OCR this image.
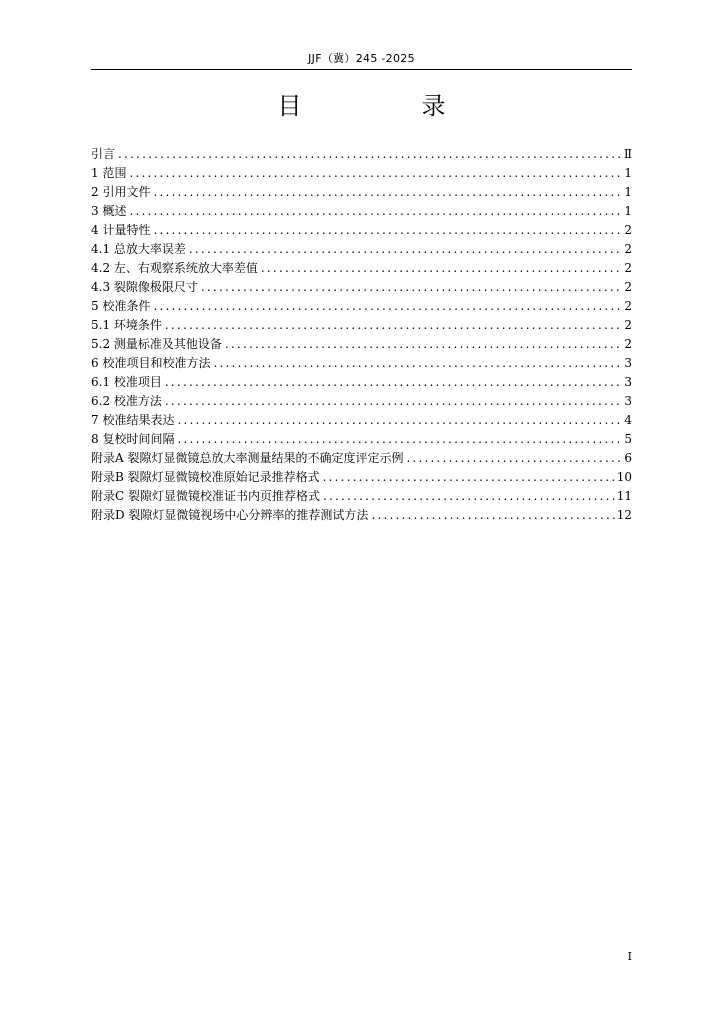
JJF（冀）245 -2025
目　录
引言 .....	Ⅱ
1 范围 .....	1
2 引用文件 .....	1
3 概述 .....	1
4 计量特性 .....	2
4.1 总放大率误差 .....	2
4.2 左、右观察系统放大率差值 .....	2
4.3 裂隙像极限尺寸 .....	2
5 校准条件 .....	2
5.1 环境条件 .....	2
5.2 测量标准及其他设备 .....	2
6 校准项目和校准方法 .....	3
6.1 校准项目 .....	3
6.2 校准方法 .....	3
7 校准结果表达 .....	4
8 复校时间间隔 .....	5
附录A 裂隙灯显微镜总放大率测量结果的不确定度评定示例 .....	6
附录B 裂隙灯显微镜校准原始记录推荐格式 .....	10
附录C 裂隙灯显微镜校准证书内页推荐格式 .....	11
附录D 裂隙灯显微镜视场中心分辨率的推荐测试方法 .....	12
I
